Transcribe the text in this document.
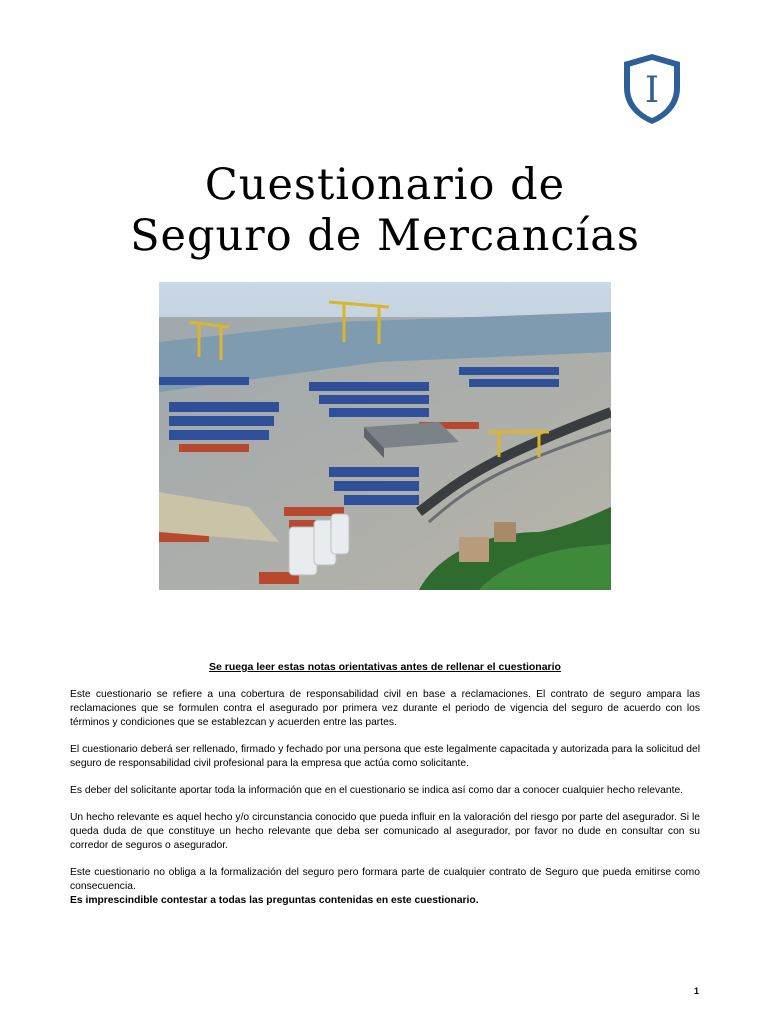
I
Cuestionario de
Seguro de Mercancías
Se ruega leer estas notas orientativas antes de rellenar el cuestionario

Este cuestionario se refiere a una cobertura de responsabilidad civil en base a reclamaciones. El contrato de seguro ampara las reclamaciones que se formulen contra el asegurado por primera vez durante el periodo de vigencia del seguro de acuerdo con los términos y condiciones que se establezcan y acuerden entre las partes.

El cuestionario deberá ser rellenado, firmado y fechado por una persona que este legalmente capacitada y autorizada para la solicitud del seguro de responsabilidad civil profesional para la empresa que actúa como solicitante.

Es deber del solicitante aportar toda la información que en el cuestionario se indica así como dar a conocer cualquier hecho relevante.

Un hecho relevante es aquel hecho y/o circunstancia conocido que pueda influir en la valoración del riesgo por parte del asegurador. Si le queda duda de que constituye un hecho relevante que deba ser comunicado al asegurador, por favor no dude en consultar con su corredor de seguros o asegurador.

Este cuestionario no obliga a la formalización del seguro pero formara parte de cualquier contrato de Seguro que pueda emitirse como consecuencia.

Es imprescindible contestar a todas las preguntas contenidas en este cuestionario.

1
